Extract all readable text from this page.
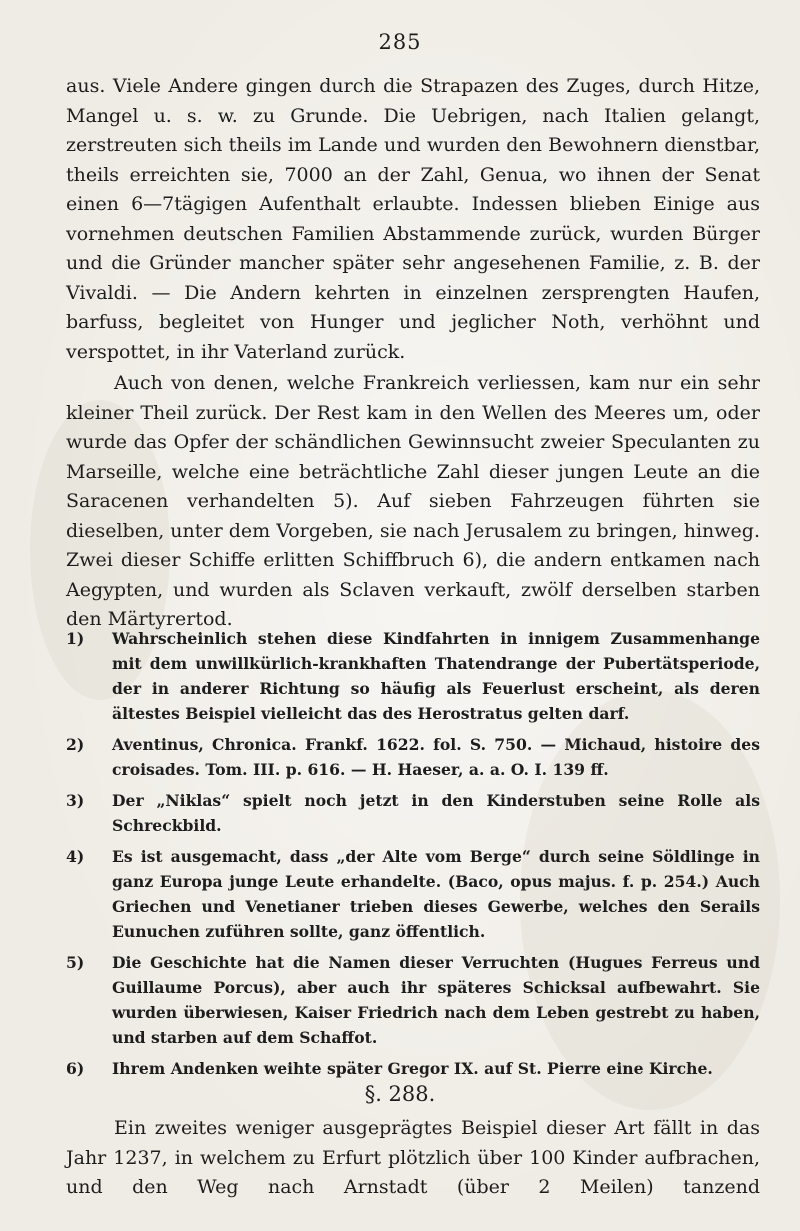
285

aus. Viele Andere gingen durch die Strapazen des Zuges, durch Hitze, Mangel u. s. w. zu Grunde. Die Uebrigen, nach Italien gelangt, zerstreuten sich theils im Lande und wurden den Bewohnern dienstbar, theils erreichten sie, 7000 an der Zahl, Genua, wo ihnen der Senat einen 6—7tägigen Aufenthalt erlaubte. Indessen blieben Einige aus vornehmen deutschen Familien Abstammende zurück, wurden Bürger und die Gründer mancher später sehr angesehenen Familie, z. B. der Vivaldi. — Die Andern kehrten in einzelnen zersprengten Haufen, barfuss, begleitet von Hunger und jeglicher Noth, verhöhnt und verspottet, in ihr Vaterland zurück.

Auch von denen, welche Frankreich verliessen, kam nur ein sehr kleiner Theil zurück. Der Rest kam in den Wellen des Meeres um, oder wurde das Opfer der schändlichen Gewinnsucht zweier Speculanten zu Marseille, welche eine beträchtliche Zahl dieser jungen Leute an die Saracenen verhandelten 5). Auf sieben Fahrzeugen führten sie dieselben, unter dem Vorgeben, sie nach Jerusalem zu bringen, hinweg. Zwei dieser Schiffe erlitten Schiffbruch 6), die andern entkamen nach Aegypten, und wurden als Sclaven verkauft, zwölf derselben starben den Märtyrertod.

1) Wahrscheinlich stehen diese Kindfahrten in innigem Zusammenhange mit dem unwillkürlich-krankhaften Thatendrange der Pubertätsperiode, der in anderer Richtung so häufig als Feuerlust erscheint, als deren ältestes Beispiel vielleicht das des Herostratus gelten darf.

2) Aventinus, Chronica. Frankf. 1622. fol. S. 750. — Michaud, histoire des croisades. Tom. III. p. 616. — H. Haeser, a. a. O. I. 139 ff.

3) Der „Niklas“ spielt noch jetzt in den Kinderstuben seine Rolle als Schreckbild.

4) Es ist ausgemacht, dass „der Alte vom Berge“ durch seine Söldlinge in ganz Europa junge Leute erhandelte. (Baco, opus majus. f. p. 254.) Auch Griechen und Venetianer trieben dieses Gewerbe, welches den Serails Eunuchen zuführen sollte, ganz öffentlich.

5) Die Geschichte hat die Namen dieser Verruchten (Hugues Ferreus und Guillaume Porcus), aber auch ihr späteres Schicksal aufbewahrt. Sie wurden überwiesen, Kaiser Friedrich nach dem Leben gestrebt zu haben, und starben auf dem Schaffot.

6) Ihrem Andenken weihte später Gregor IX. auf St. Pierre eine Kirche.

§. 288.

Ein zweites weniger ausgeprägtes Beispiel dieser Art fällt in das Jahr 1237, in welchem zu Erfurt plötzlich über 100 Kinder aufbrachen, und den Weg nach Arnstadt (über 2 Meilen) tanzend
